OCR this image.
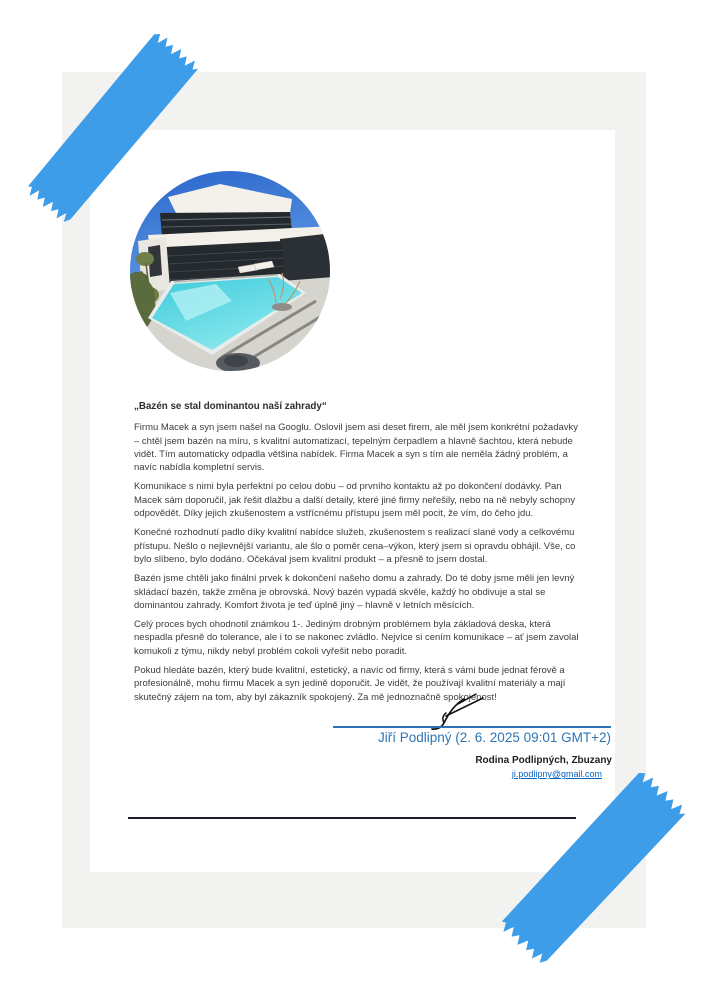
„Bazén se stal dominantou naší zahrady“

Firmu Macek a syn jsem našel na Googlu. Oslovil jsem asi deset firem, ale měl jsem konkrétní požadavky – chtěl jsem bazén na míru, s kvalitní automatizací, tepelným čerpadlem a hlavně šachtou, která nebude vidět. Tím automaticky odpadla většina nabídek. Firma Macek a syn s tím ale neměla žádný problém, a navíc nabídla kompletní servis.

Komunikace s nimi byla perfektní po celou dobu – od prvního kontaktu až po dokončení dodávky. Pan Macek sám doporučil, jak řešit dlažbu a další detaily, které jiné firmy neřešily, nebo na ně nebyly schopny odpovědět. Díky jejich zkušenostem a vstřícnému přístupu jsem měl pocit, že vím, do čeho jdu.

Konečné rozhodnutí padlo díky kvalitní nabídce služeb, zkušenostem s realizací slané vody a celkovému přístupu. Nešlo o nejlevnější variantu, ale šlo o poměr cena–výkon, který jsem si opravdu obhájil. Vše, co bylo slíbeno, bylo dodáno. Očekával jsem kvalitní produkt – a přesně to jsem dostal.

Bazén jsme chtěli jako finální prvek k dokončení našeho domu a zahrady. Do té doby jsme měli jen levný skládací bazén, takže změna je obrovská. Nový bazén vypadá skvěle, každý ho obdivuje a stal se dominantou zahrady. Komfort života je teď úplně jiný – hlavně v letních měsících.

Celý proces bych ohodnotil známkou 1-. Jediným drobným problémem byla základová deska, která nespadla přesně do tolerance, ale i to se nakonec zvládlo. Nejvíce si cením komunikace – ať jsem zavolal komukoli z týmu, nikdy nebyl problém cokoli vyřešit nebo poradit.

Pokud hledáte bazén, který bude kvalitní, estetický, a navíc od firmy, která s vámi bude jednat férově a profesionálně, mohu firmu Macek a syn jedině doporučit. Je vidět, že používají kvalitní materiály a mají skutečný zájem na tom, aby byl zákazník spokojený. Za mě jednoznačně spokojenost!

Jiří Podlipný (2. 6. 2025 09:01 GMT+2)
Rodina Podlipných, Zbuzany
ji.podlipny@gmail.com
